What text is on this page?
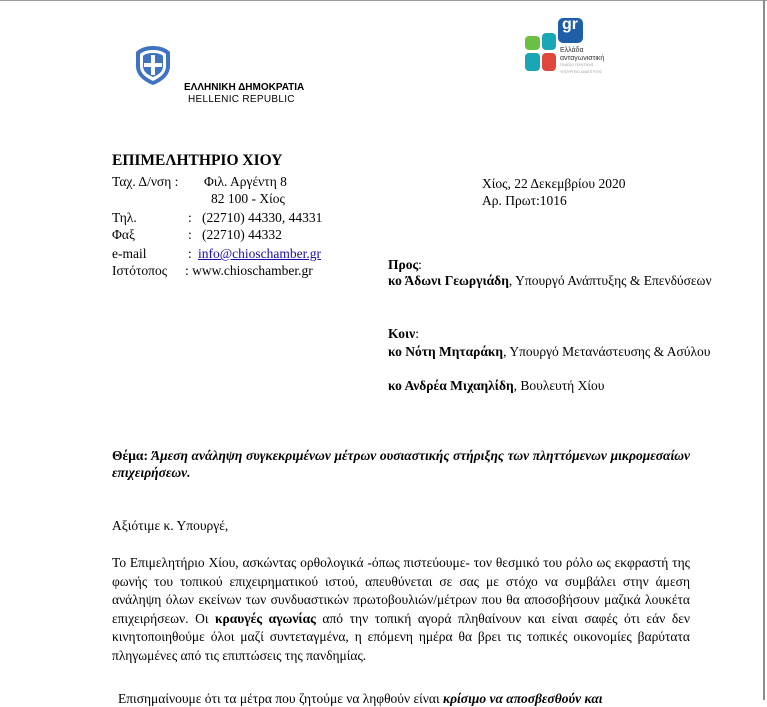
ΕΛΛΗΝΙΚΗ ΔΗΜΟΚΡΑΤΙΑ
HELLENIC REPUBLIC
gr
Ελλάδα
ανταγωνιστική
ΠΛΑΙΣΙΟ ΠΟΛΙΤΙΚΗΣ
ΥΠΟΥΡΓΕΙΟ ΑΝΑΠΤΥΞΗΣ
ΕΠΙΜΕΛΗΤΗΡΙΟ ΧΙΟΥ
Ταχ. Δ/νση : Φιλ. Αργέντη 8
82 100 - Χίος
Τηλ.	: (22710) 44330, 44331
Φαξ	: (22710) 44332
e-mail	: info@chioschamber.gr
Ιστότοπος : www.chioschamber.gr
Χίος, 22 Δεκεμβρίου 2020
Αρ. Πρωτ:1016
Προς:
κο Άδωνι Γεωργιάδη, Υπουργό Ανάπτυξης & Επενδύσεων
Κοιν:
κο Νότη Μηταράκη, Υπουργό Μετανάστευσης & Ασύλου
κο Ανδρέα Μιχαηλίδη, Βουλευτή Χίου
Θέμα: Άμεση ανάληψη συγκεκριμένων μέτρων ουσιαστικής στήριξης των πληττόμενων μικρομεσαίων επιχειρήσεων.
Αξιότιμε κ. Υπουργέ,
Το Επιμελητήριο Χίου, ασκώντας ορθολογικά -όπως πιστεύουμε- τον θεσμικό του ρόλο ως εκφραστή της φωνής του τοπικού επιχειρηματικού ιστού, απευθύνεται σε σας με στόχο να συμβάλει στην άμεση ανάληψη όλων εκείνων των συνδυαστικών πρωτοβουλιών/μέτρων που θα αποσοβήσουν μαζικά λουκέτα επιχειρήσεων. Οι κραυγές αγωνίας από την τοπική αγορά πληθαίνουν και είναι σαφές ότι εάν δεν κινητοποιηθούμε όλοι μαζί συντεταγμένα, η επόμενη ημέρα θα βρει τις τοπικές οικονομίες βαρύτατα πληγωμένες από τις επιπτώσεις της πανδημίας.
Επισημαίνουμε ότι τα μέτρα που ζητούμε να ληφθούν είναι κρίσιμο να αποσβεσθούν και
